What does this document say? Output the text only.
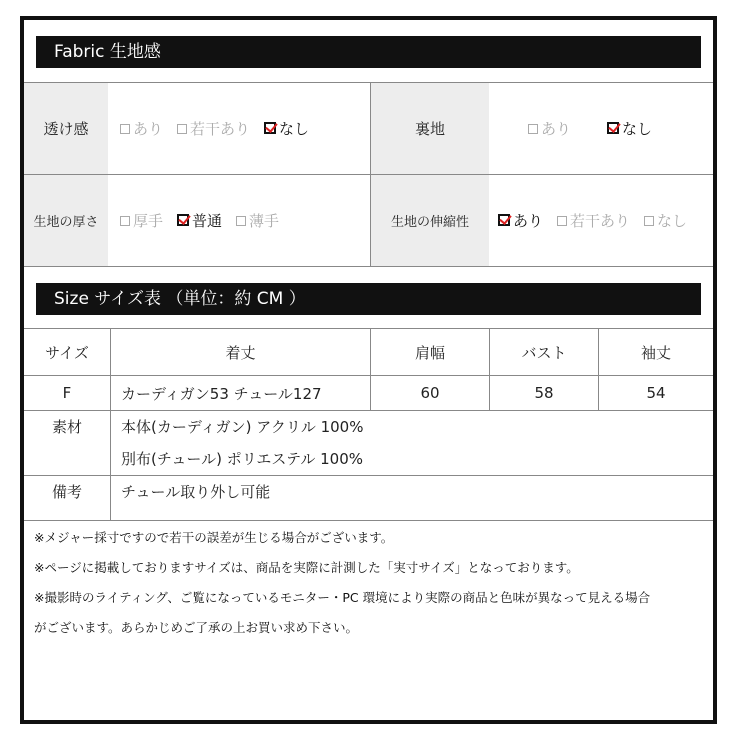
Fabric 生地感
透け感	あり	若干あり	なし	裏地	あり	なし
生地の厚さ	厚手	普通	薄手	生地の伸縮性	あり	若干あり	なし
Size サイズ表 （単位：約 CM ）
サイズ	着丈	肩幅	バスト	袖丈
F	カーディガン53 チュール127	60	58	54
素材	本体(カーディガン) アクリル 100%
別布(チュール) ポリエステル 100%
備考	チュール取り外し可能
※メジャー採寸ですので若干の誤差が生じる場合がございます。
※ページに掲載しておりますサイズは、商品を実際に計測した「実寸サイズ」となっております。
※撮影時のライティング、ご覧になっているモニター・PC 環境により実際の商品と色味が異なって見える場合
がございます。あらかじめご了承の上お買い求め下さい。
